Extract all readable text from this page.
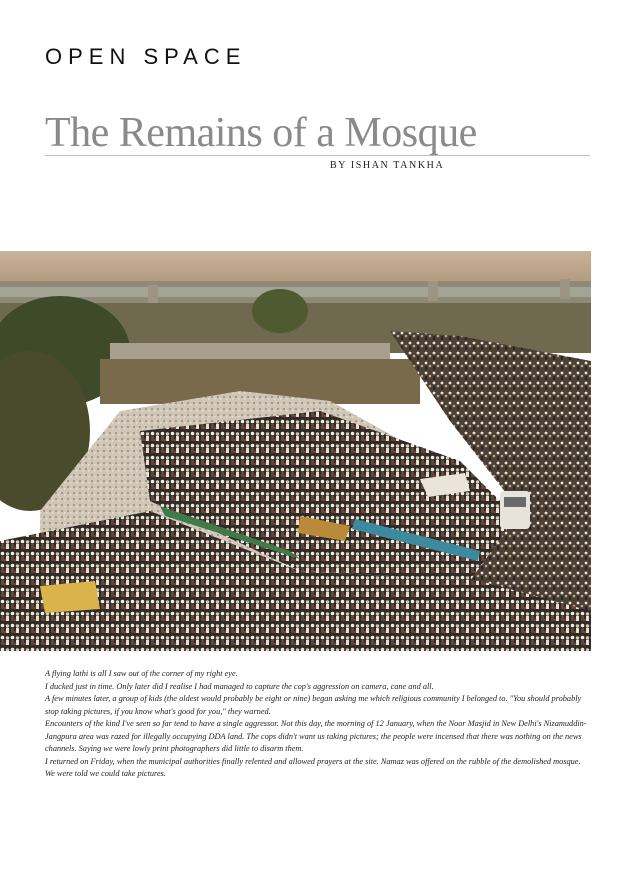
OPEN SPACE
The Remains of a Mosque
BY ISHAN TANKHA

A flying lathi is all I saw out of the corner of my right eye.

I ducked just in time. Only later did I realise I had managed to capture the cop's aggression on camera, cane and all.

A few minutes later, a group of kids (the oldest would probably be eight or nine) began asking me which religious community I belonged to. "You should probably stop taking pictures, if you know what's good for you," they warned.

Encounters of the kind I've seen so far tend to have a single aggressor. Not this day, the morning of 12 January, when the Noor Masjid in New Delhi's Nizamuddin-Jangpura area was razed for illegally occupying DDA land. The cops didn't want us taking pictures; the people were incensed that there was nothing on the news channels. Saying we were lowly print photographers did little to disarm them.

I returned on Friday, when the municipal authorities finally relented and allowed prayers at the site. Namaz was offered on the rubble of the demolished mosque.

We were told we could take pictures.
